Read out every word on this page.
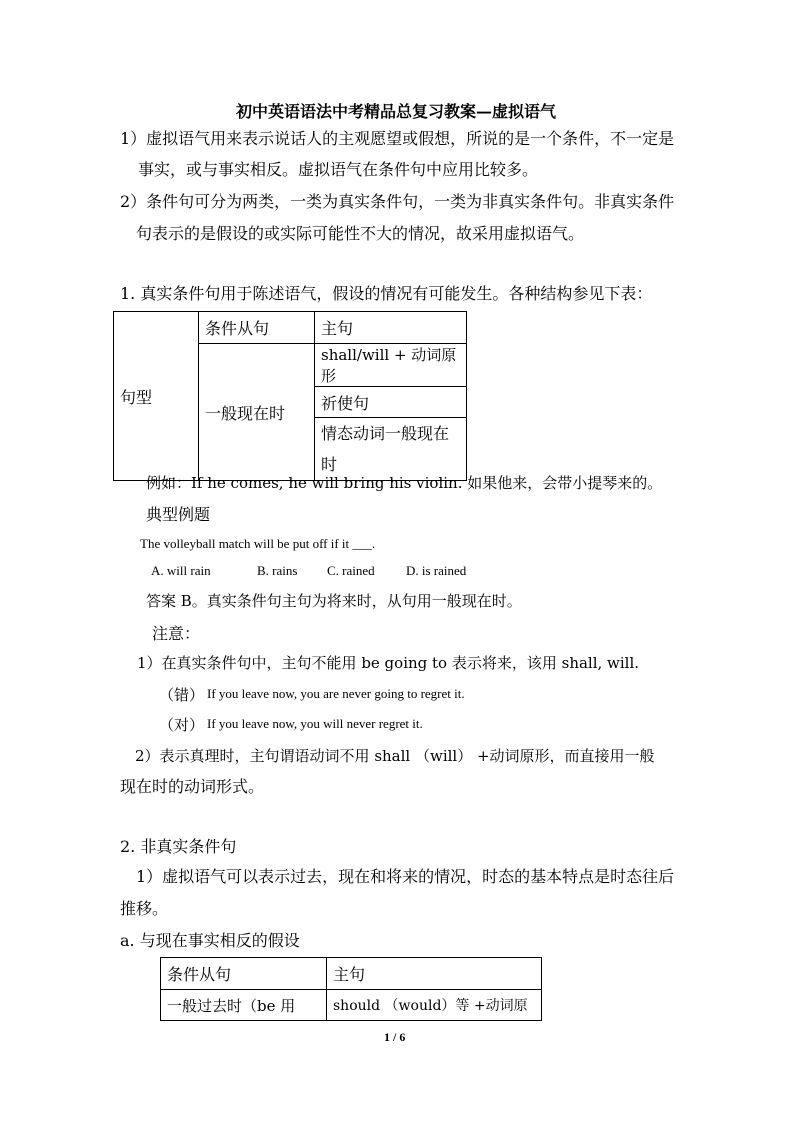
初中英语语法中考精品总复习教案—虚拟语气
1）虚拟语气用来表示说话人的主观愿望或假想，所说的是一个条件，不一定是
事实，或与事实相反。虚拟语气在条件句中应用比较多。
2）条件句可分为两类，一类为真实条件句，一类为非真实条件句。非真实条件
句表示的是假设的或实际可能性不大的情况，故采用虚拟语气。
1. 真实条件句用于陈述语气，假设的情况有可能发生。各种结构参见下表：
句型	条件从句	主句
	一般现在时	shall/will + 动词原形
		祈使句
		情态动词一般现在
时
例如：If he comes, he will bring his violin. 如果他来，会带小提琴来的。
典型例题
The volleyball match will be put off if it ___.
A. will rain	B. rains C. rained D. is rained
答案 B。真实条件句主句为将来时，从句用一般现在时。
注意：
1）在真实条件句中，主句不能用 be going to 表示将来，该用 shall, will.
（错） If you leave now, you are never going to regret it.
（对） If you leave now, you will never regret it.
2）表示真理时，主句谓语动词不用 shall （will） +动词原形，而直接用一般
现在时的动词形式。
2. 非真实条件句
1）虚拟语气可以表示过去，现在和将来的情况，时态的基本特点是时态往后
推移。
a. 与现在事实相反的假设
条件从句	主句
一般过去时（be 用	should （would）等 +动词原
1 / 6
